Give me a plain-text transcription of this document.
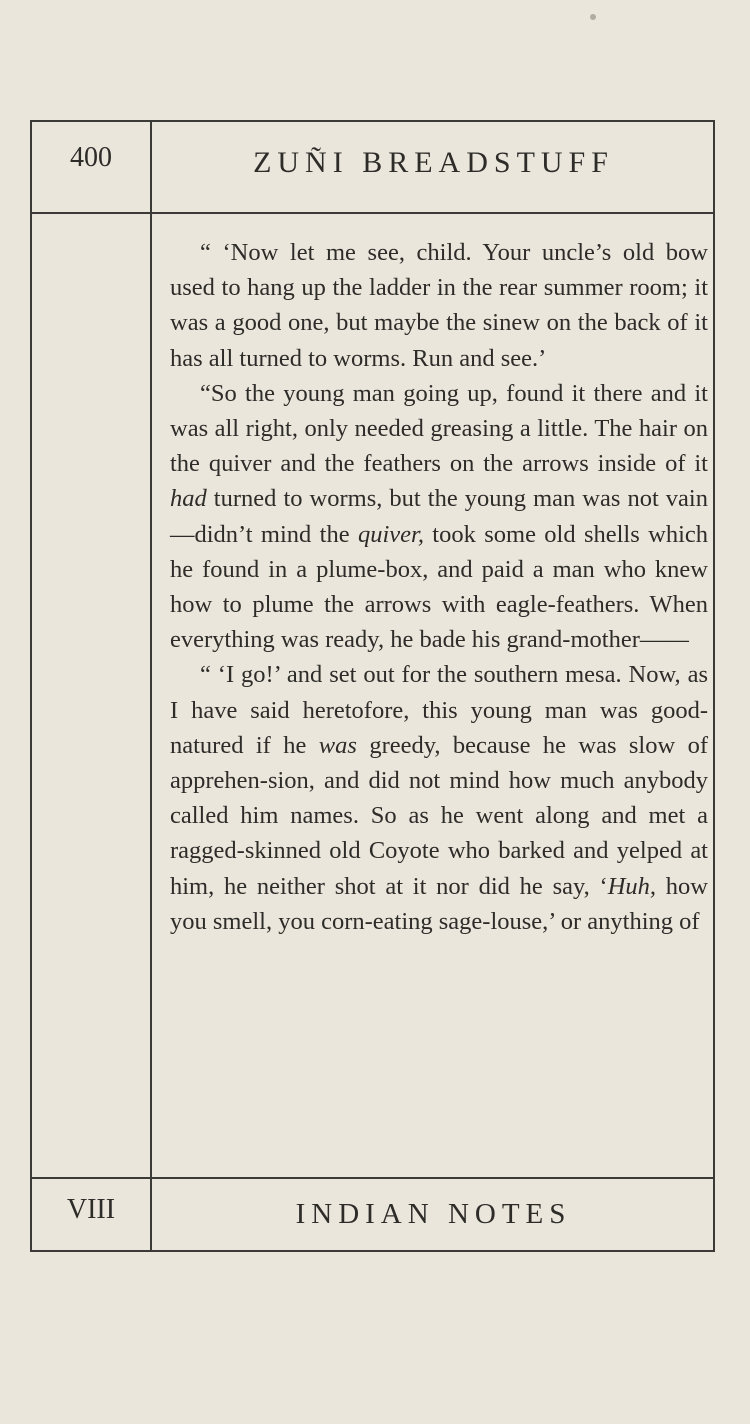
400	ZUÑI BREADSTUFF

“ ‘Now let me see, child. Your uncle’s old bow used to hang up the ladder in the rear summer room; it was a good one, but maybe the sinew on the back of it has all turned to worms. Run and see.’

“So the young man going up, found it there and it was all right, only needed greasing a little. The hair on the quiver and the feathers on the arrows inside of it had turned to worms, but the young man was not vain—didn’t mind the quiver, took some old shells which he found in a plume-box, and paid a man who knew how to plume the arrows with eagle-feathers. When everything was ready, he bade his grand-mother——

“ ‘I go!’ and set out for the southern mesa. Now, as I have said heretofore, this young man was good-natured if he was greedy, because he was slow of apprehen-sion, and did not mind how much anybody called him names. So as he went along and met a ragged-skinned old Coyote who barked and yelped at him, he neither shot at it nor did he say, ‘Huh, how you smell, you corn-eating sage-louse,’ or anything of

VIII	INDIAN NOTES
